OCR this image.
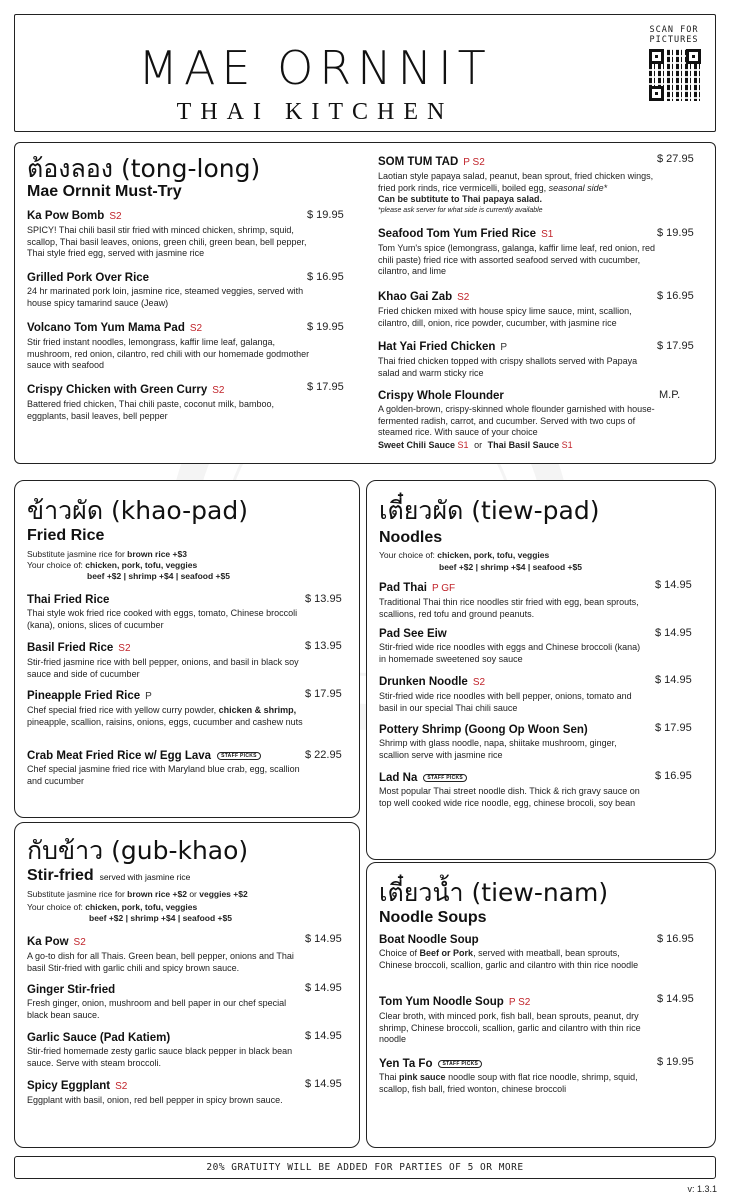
MAE ORNNIT
THAI KITCHEN
SCAN FOR PICTURES
ต้องลอง (tong-long)
Mae Ornnit Must-Try
Ka Pow Bomb S2
SPICY! Thai chili basil stir fried with minced chicken, shrimp, squid, scallop, Thai basil leaves, onions, green chili, green bean, bell pepper, Thai style fried egg, served with jasmine rice
$ 19.95
Grilled Pork Over Rice
24 hr marinated pork loin, jasmine rice, steamed veggies, served with house spicy tamarind sauce (Jeaw)
$ 16.95
Volcano Tom Yum Mama Pad S2
Stir fried instant noodles, lemongrass, kaffir lime leaf, galanga, mushroom, red onion, cilantro, red chili with our homemade godmother sauce with seafood
$ 19.95
Crispy Chicken with Green Curry S2
Battered fried chicken, Thai chili paste, coconut milk, bamboo, eggplants, basil leaves, bell pepper
$ 17.95
SOM TUM TAD P S2
Laotian style papaya salad, peanut, bean sprout, fried chicken wings, fried pork rinds, rice vermicelli, boiled egg, seasonal side*
Can be subtitute to Thai papaya salad.
*please ask server for what side is currently available
$ 27.95
Seafood Tom Yum Fried Rice S1
Tom Yum's spice (lemongrass, galanga, kaffir lime leaf, red onion, red chili paste) fried rice with assorted seafood served with cucumber, cilantro, and lime
$ 19.95
Khao Gai Zab S2
Fried chicken mixed with house spicy lime sauce, mint, scallion, cilantro, dill, onion, rice powder, cucumber, with jasmine rice
$ 16.95
Hat Yai Fried Chicken P
Thai fried chicken topped with crispy shallots served with Papaya salad and warm sticky rice
$ 17.95
Crispy Whole Flounder
A golden-brown, crispy-skinned whole flounder garnished with house-fermented radish, carrot, and cucumber. Served with two cups of steamed rice. With sauce of your choice
Sweet Chili Sauce S1 or Thai Basil Sauce S1
M.P.
ข้าวผัด (khao-pad)
Fried Rice
Substitute jasmine rice for brown rice +$3
Your choice of: chicken, pork, tofu, veggies
beef +$2 | shrimp +$4 | seafood +$5
Thai Fried Rice
Thai style wok fried rice cooked with eggs, tomato, Chinese broccoli (kana), onions, slices of cucumber
$ 13.95
Basil Fried Rice S2
Stir-fried jasmine rice with bell pepper, onions, and basil in black soy sauce and side of cucumber
$ 13.95
Pineapple Fried Rice P
Chef special fried rice with yellow curry powder, chicken & shrimp, pineapple, scallion, raisins, onions, eggs, cucumber and cashew nuts
$ 17.95
Crab Meat Fried Rice w/ Egg Lava STAFF PICKS
Chef special jasmine fried rice with Maryland blue crab, egg, scallion and cucumber
$ 22.95
กับข้าว (gub-khao)
Stir-fried served with jasmine rice
Substitute jasmine rice for brown rice +$2 or veggies +$2
Your choice of: chicken, pork, tofu, veggies
beef +$2 | shrimp +$4 | seafood +$5
Ka Pow S2
A go-to dish for all Thais. Green bean, bell pepper, onions and Thai basil Stir-fried with garlic chili and spicy brown sauce.
$ 14.95
Ginger Stir-fried
Fresh ginger, onion, mushroom and bell paper in our chef special black bean sauce.
$ 14.95
Garlic Sauce (Pad Katiem)
Stir-fried homemade zesty garlic sauce black pepper in black bean sauce. Serve with steam broccoli.
$ 14.95
Spicy Eggplant S2
Eggplant with basil, onion, red bell pepper in spicy brown sauce.
$ 14.95
เตี๋ยวผัด (tiew-pad)
Noodles
Your choice of: chicken, pork, tofu, veggies
beef +$2 | shrimp +$4 | seafood +$5
Pad Thai P GF
Traditional Thai thin rice noodles stir fried with egg, bean sprouts, scallions, red tofu and ground peanuts.
$ 14.95
Pad See Eiw
Stir-fried wide rice noodles with eggs and Chinese broccoli (kana) in homemade sweetened soy sauce
$ 14.95
Drunken Noodle S2
Stir-fried wide rice noodles with bell pepper, onions, tomato and basil in our special Thai chili sauce
$ 14.95
Pottery Shrimp (Goong Op Woon Sen)
Shrimp with glass noodle, napa, shiitake mushroom, ginger, scallion serve with jasmine rice
$ 17.95
Lad Na STAFF PICKS
Most popular Thai street noodle dish. Thick & rich gravy sauce on top well cooked wide rice noodle, egg, chinese brocoli, soy bean
$ 16.95
เตี๋ยวน้ำ (tiew-nam)
Noodle Soups
Boat Noodle Soup
Choice of Beef or Pork, served with meatball, bean sprouts, Chinese broccoli, scallion, garlic and cilantro with thin rice noodle
$ 16.95
Tom Yum Noodle Soup P S2
Clear broth, with minced pork, fish ball, bean sprouts, peanut, dry shrimp, Chinese broccoli, scallion, garlic and cilantro with thin rice noodle
$ 14.95
Yen Ta Fo STAFF PICKS
Thai pink sauce noodle soup with flat rice noodle, shrimp, squid, scallop, fish ball, fried wonton, chinese broccoli
$ 19.95
20% GRATUITY WILL BE ADDED FOR PARTIES OF 5 OR MORE
v: 1.3.1
